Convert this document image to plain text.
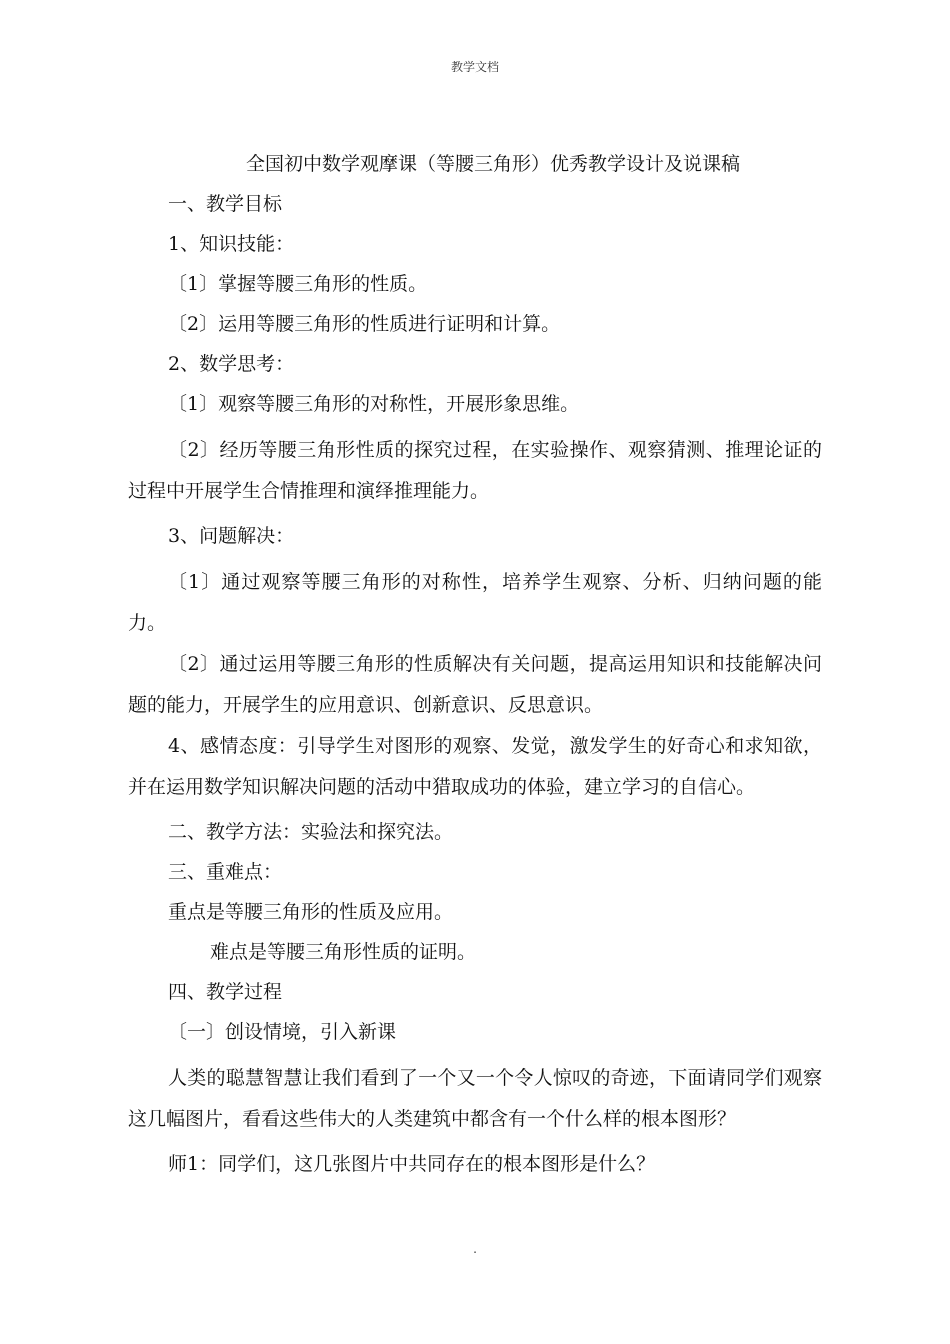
教学文档
全国初中数学观摩课（等腰三角形）优秀教学设计及说课稿
一、教学目标
1、知识技能：
〔1〕掌握等腰三角形的性质。
〔2〕运用等腰三角形的性质进行证明和计算。
2、数学思考：
〔1〕观察等腰三角形的对称性，开展形象思维。
〔2〕经历等腰三角形性质的探究过程，在实验操作、观察猜测、推理论证的过程中开展学生合情推理和演绎推理能力。
3、问题解决：
〔1〕通过观察等腰三角形的对称性，培养学生观察、分析、归纳问题的能力。
〔2〕通过运用等腰三角形的性质解决有关问题，提高运用知识和技能解决问题的能力，开展学生的应用意识、创新意识、反思意识。
4、感情态度：引导学生对图形的观察、发觉，激发学生的好奇心和求知欲，并在运用数学知识解决问题的活动中猎取成功的体验，建立学习的自信心。
二、教学方法：实验法和探究法。
三、重难点：
重点是等腰三角形的性质及应用。
难点是等腰三角形性质的证明。
四、教学过程
〔一〕创设情境，引入新课
人类的聪慧智慧让我们看到了一个又一个令人惊叹的奇迹，下面请同学们观察这几幅图片，看看这些伟大的人类建筑中都含有一个什么样的根本图形？
师1：同学们，这几张图片中共同存在的根本图形是什么？
.
